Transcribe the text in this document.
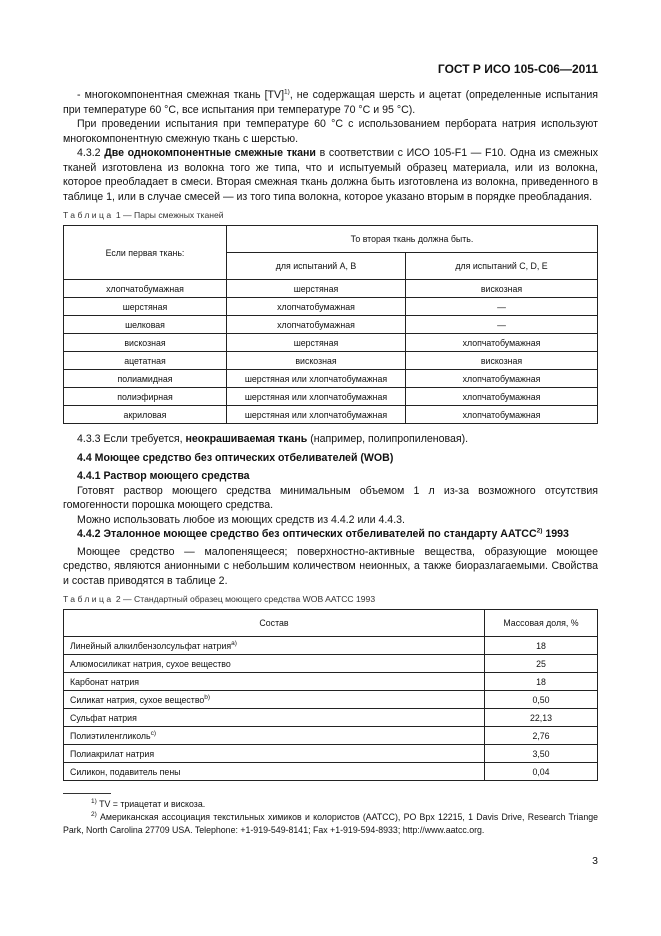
ГОСТ Р ИСО 105-C06—2011

- многокомпонентная смежная ткань [TV]$^{1)}$, не содержащая шерсть и ацетат (определенные испытания при температуре 60 °С, все испытания при температуре 70 °С и 95 °С).

При проведении испытания при температуре 60 °С с использованием пербората натрия используют многокомпонентную смежную ткань с шерстью.

4.3.2 Две однокомпонентные смежные ткани в соответствии с ИСО 105-F1 — F10. Одна из смежных тканей изготовлена из волокна того же типа, что и испытуемый образец материала, или из волокна, которое преобладает в смеси. Вторая смежная ткань должна быть изготовлена из волокна, приведенного в таблице 1, или в случае смесей — из того типа волокна, которое указано вторым в порядке преобладания.

Таблица 1 — Пары смежных тканей
Если первая ткань:	То вторая ткань должна быть.	
	для испытаний А, В	для испытаний С, D, Е
хлопчатобумажная	шерстяная	вискозная
шерстяная	хлопчатобумажная	—
шелковая	хлопчатобумажная	—
вискозная	шерстяная	хлопчатобумажная
ацетатная	вискозная	вискозная
полиамидная	шерстяная или хлопчатобумажная	хлопчатобумажная
полиэфирная	шерстяная или хлопчатобумажная	хлопчатобумажная
акриловая	шерстяная или хлопчатобумажная	хлопчатобумажная

4.3.3 Если требуется, неокрашиваемая ткань (например, полипропиленовая).

4.4 Моющее средство без оптических отбеливателей (WOB)

4.4.1 Раствор моющего средства

Готовят раствор моющего средства минимальным объемом 1 л из-за возможного отсутствия гомогенности порошка моющего средства.

Можно использовать любое из моющих средств из 4.4.2 или 4.4.3.

4.4.2 Эталонное моющее средство без оптических отбеливателей по стандарту AATCC$^{2)}$ 1993

Моющее средство — малопенящееся; поверхностно-активные вещества, образующие моющее средство, являются анионными с небольшим количеством неионных, а также биоразлагаемыми. Свойства и состав приводятся в таблице 2.

Таблица 2 — Стандартный образец моющего средства WOB AATCC 1993
Состав	Массовая доля, %
Линейный алкилбензолсульфат натрия$^{a)}$	18
Алюмосиликат натрия, сухое вещество	25
Карбонат натрия	18
Силикат натрия, сухое вещество$^{b)}$	0,50
Сульфат натрия	22,13
Полиэтиленгликоль$^{c)}$	2,76
Полиакрилат натрия	3,50
Силикон, подавитель пены	0,04

$^{1)}$ TV = триацетат и вискоза.

$^{2)}$ Американская ассоциация текстильных химиков и колористов (AATCC), PO Bpx 12215, 1 Davis Drive, Research Triange Park, North Carolina 27709 USA. Telephone: +1-919-549-8141; Fax +1-919-594-8933; http://www.aatcc.org.

3
